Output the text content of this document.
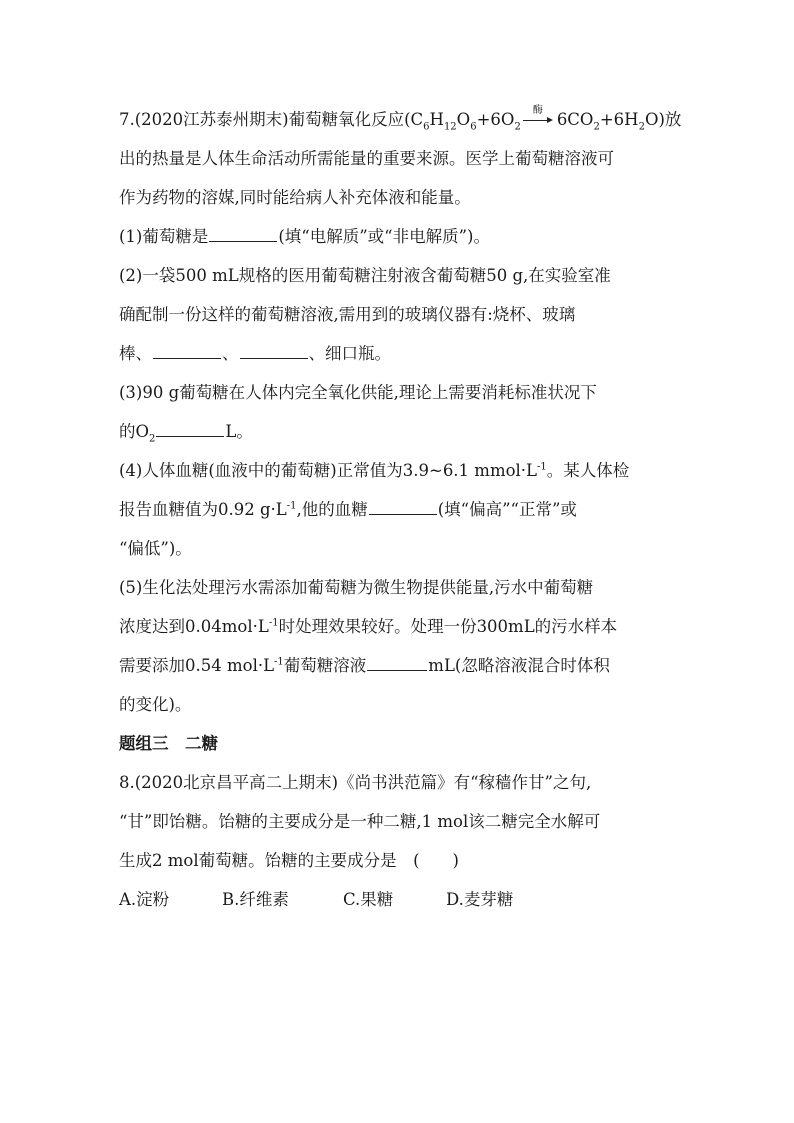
7.(2020江苏泰州期末)葡萄糖氧化反应($C_6H_{12}O_6+6O_2$
酶 $6CO_2+6H_2O$)放
出的热量是人体生命活动所需能量的重要来源。医学上葡萄糖溶液可
作为药物的溶媒,同时能给病人补充体液和能量。
(1)葡萄糖是	(填“电解质”或“非电解质”)。
(2)一袋500 mL规格的医用葡萄糖注射液含葡萄糖50 g,在实验室准
确配制一份这样的葡萄糖溶液,需用到的玻璃仪器有:烧杯、玻璃
棒、	、	、细口瓶。
(3)90 g葡萄糖在人体内完全氧化供能,理论上需要消耗标准状况下
的$O_2$	L。
(4)人体血糖(血液中的葡萄糖)正常值为3.9~6.1 $mmol\cdot L^{-1}$。某人体检
报告血糖值为0.92 $g\cdot L^{-1}$,他的血糖	(填“偏高”“正常”或
“偏低”)。
(5)生化法处理污水需添加葡萄糖为微生物提供能量,污水中葡萄糖
浓度达到$0.04mol\cdot L^{-1}$时处理效果较好。处理一份300mL的污水样本
需要添加0.54 $mol\cdot L^{-1}$葡萄糖溶液	mL(忽略溶液混合时体积
的变化)。
题组三　二糖
8.(2020北京昌平高二上期末)《尚书洪范篇》有“稼穑作甘”之句,
“甘”即饴糖。饴糖的主要成分是一种二糖,1 mol该二糖完全水解可
生成2 mol葡萄糖。饴糖的主要成分是　(　　)
A.淀粉	B.纤维素	C.果糖	D.麦芽糖
